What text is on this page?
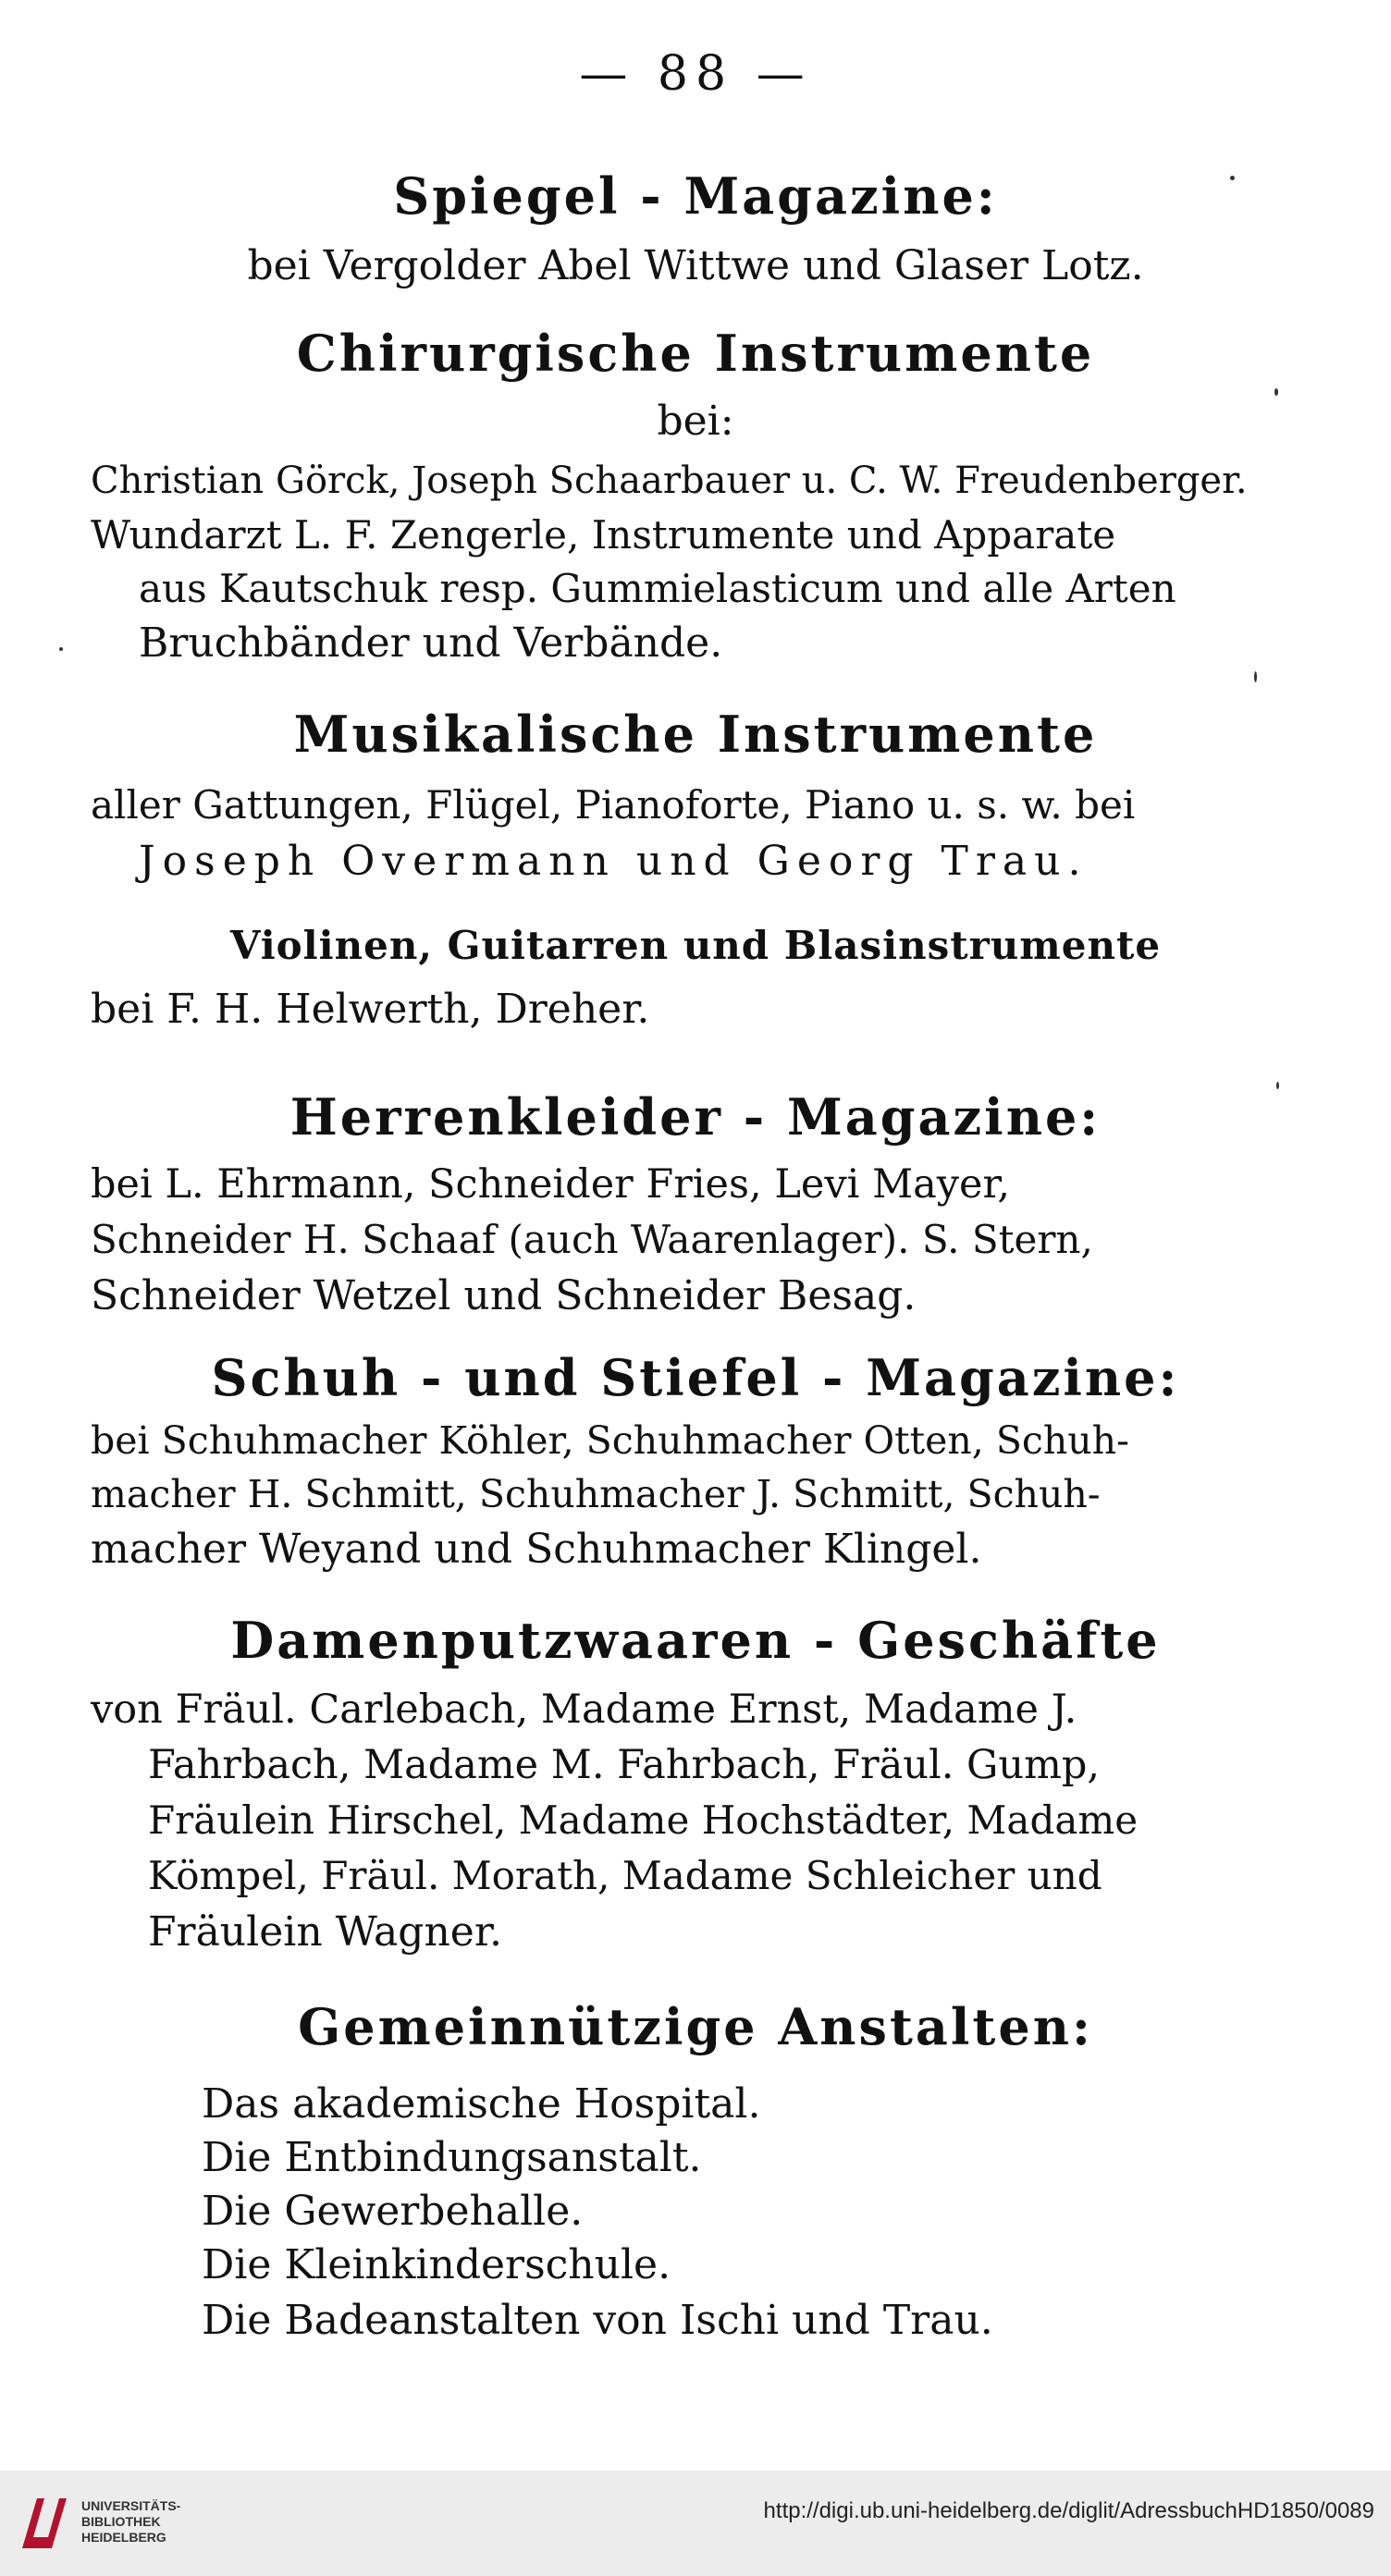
— 88 —
Spiegel - Magazine:
bei Vergolder Abel Wittwe und Glaser Lotz.
Chirurgische Instrumente
bei:
Christian Görck, Joseph Schaarbauer u. C. W. Freudenberger.
Wundarzt L. F. Zengerle, Instrumente und Apparate
aus Kautschuk resp. Gummielasticum und alle Arten
Bruchbänder und Verbände.
Musikalische Instrumente
aller Gattungen, Flügel, Pianoforte, Piano u. s. w. bei
Joseph Overmann und Georg Trau.
Violinen, Guitarren und Blasinstrumente
bei F. H. Helwerth, Dreher.
Herrenkleider - Magazine:
bei L. Ehrmann, Schneider Fries, Levi Mayer,
Schneider H. Schaaf (auch Waarenlager). S. Stern,
Schneider Wetzel und Schneider Besag.
Schuh - und Stiefel - Magazine:
bei Schuhmacher Köhler, Schuhmacher Otten, Schuh-
macher H. Schmitt, Schuhmacher J. Schmitt, Schuh-
macher Weyand und Schuhmacher Klingel.
Damenputzwaaren - Geschäfte
von Fräul. Carlebach, Madame Ernst, Madame J.
Fahrbach, Madame M. Fahrbach, Fräul. Gump,
Fräulein Hirschel, Madame Hochstädter, Madame
Kömpel, Fräul. Morath, Madame Schleicher und
Fräulein Wagner.
Gemeinnützige Anstalten:
Das akademische Hospital.
Die Entbindungsanstalt.
Die Gewerbehalle.
Die Kleinkinderschule.
Die Badeanstalten von Ischi und Trau.
UNIVERSITÄTS-
BIBLIOTHEK
HEIDELBERG
http://digi.ub.uni-heidelberg.de/diglit/AdressbuchHD1850/0089
